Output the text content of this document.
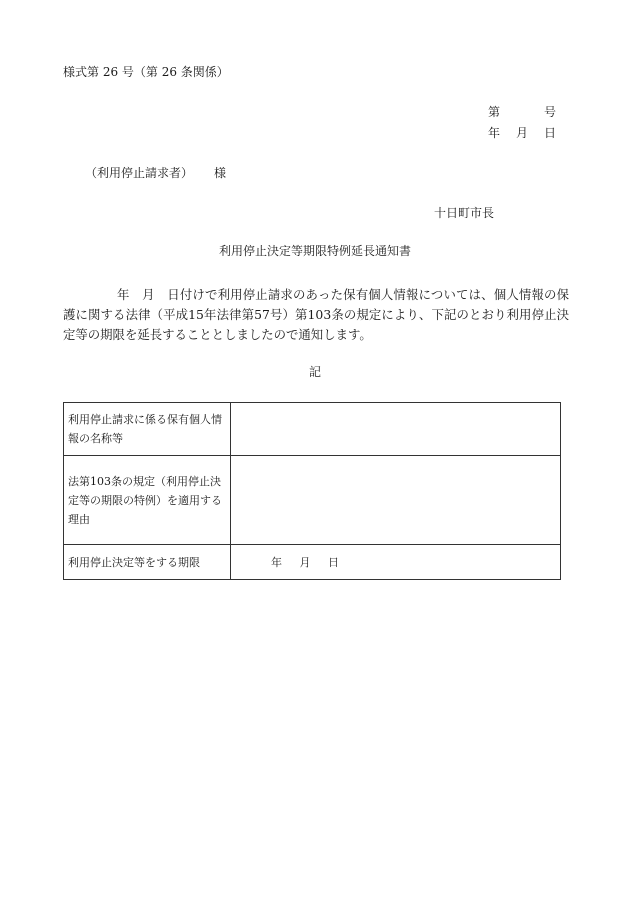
様式第 26 号（第 26 条関係）
第	号
年 月 日
（利用停止請求者） 様
十日町市長
利用停止決定等期限特例延長通知書
年　月　日付けで利用停止請求のあった保有個人情報については、個人情報の保護に関する法律（平成15年法律第57号）第103条の規定により、下記のとおり利用停止決定等の期限を延長することとしましたので通知します。
記
利用停止請求に係る保有個人情報の名称等	
法第103条の規定（利用停止決定等の期限の特例）を適用する理由	
利用停止決定等をする期限	年 月 日
